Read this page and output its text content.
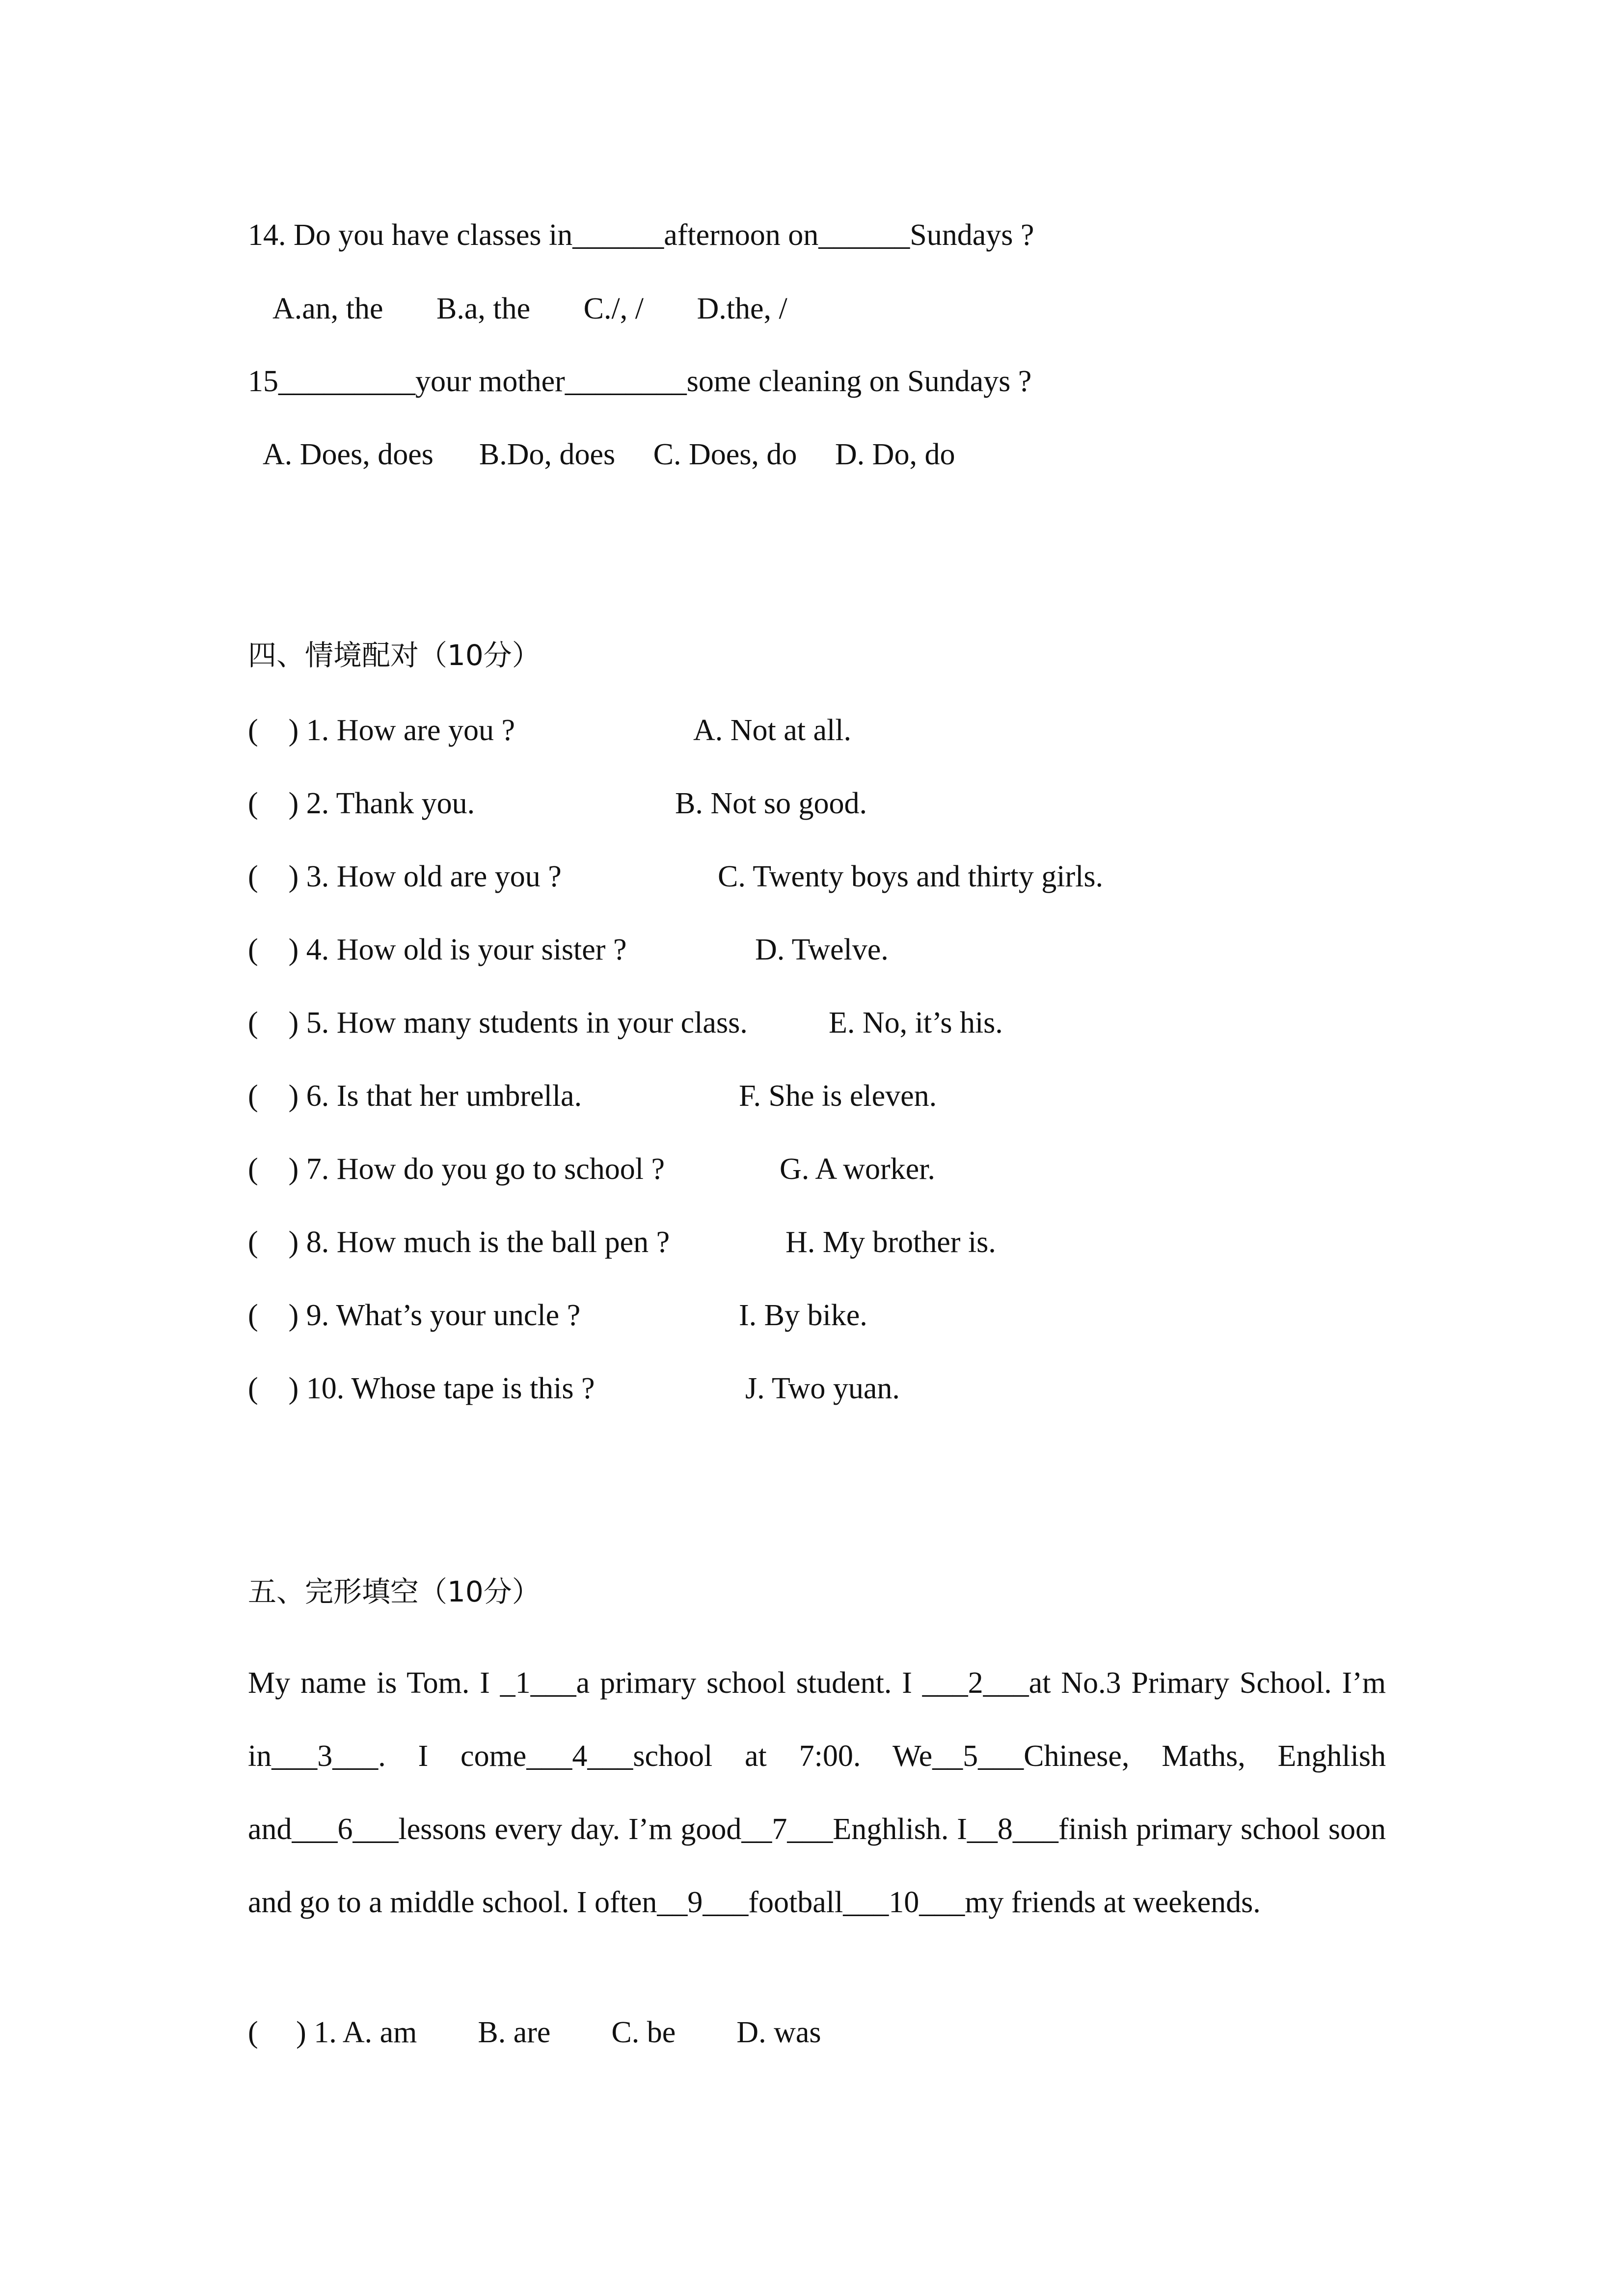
14. Do you have classes in______afternoon on______Sundays ?
A.an, the       B.a, the       C./, /       D.the, /
15_________your mother________some cleaning on Sundays ?
A. Does, does      B.Do, does     C. Does, do     D. Do, do
四、情境配对（10分）
(    ) 1. How are you ?
(    ) 2. Thank you.
(    ) 3. How old are you ?
(    ) 4. How old is your sister ?
(    ) 5. How many students in your class.
(    ) 6. Is that her umbrella.
(    ) 7. How do you go to school ?
(    ) 8. How much is the ball pen ?
(    ) 9. What’s your uncle ?
(    ) 10. Whose tape is this ?
A. Not at all.
B. Not so good.
C. Twenty boys and thirty girls.
D. Twelve.
E. No, it’s his.
F. She is eleven.
G. A worker.
H. My brother is.
I. By bike.
J. Two yuan.
五、完形填空（10分）
My name is Tom. I _1___a primary school student. I ___2___at No.3 Primary School. I’m in___3___. I come___4___school at 7:00. We__5___Chinese, Maths, Enghlish and___6___lessons every day. I’m good__7___Enghlish. I__8___finish primary school soon and go to a middle school. I often__9___football___10___my friends at weekends.
(     ) 1. A. am        B. are        C. be        D. was
